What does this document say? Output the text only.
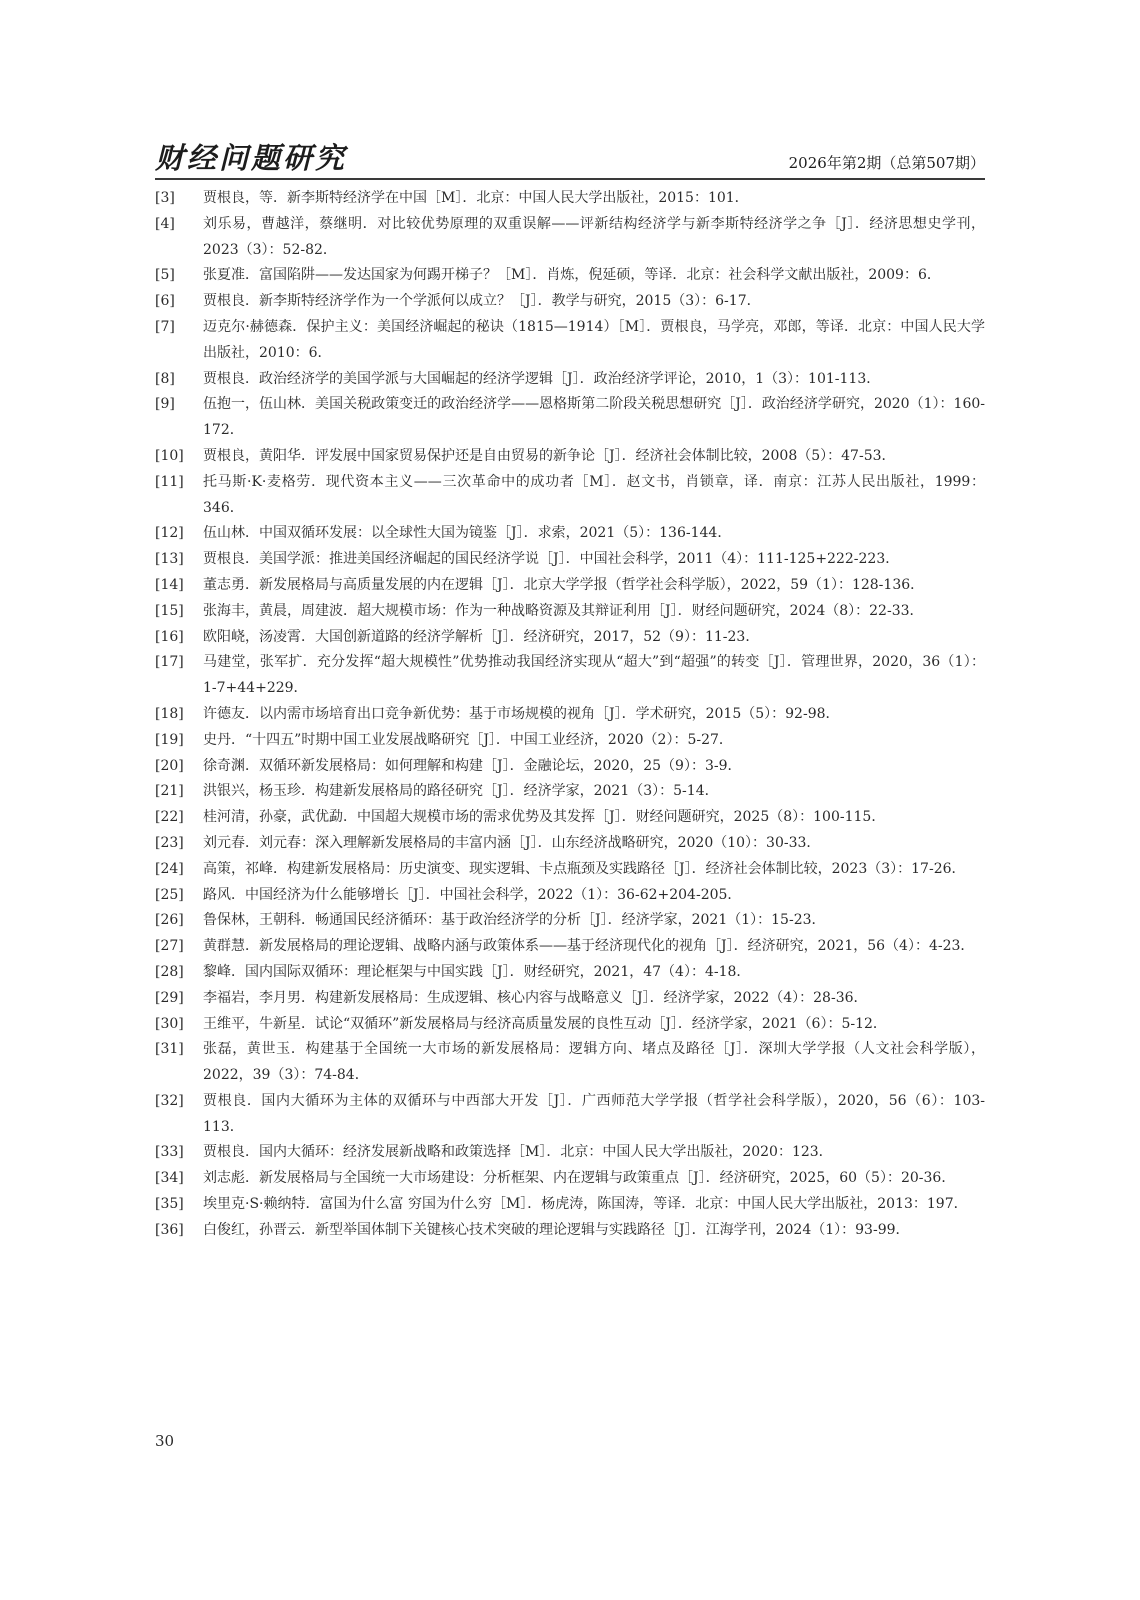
财经问题研究	2026年第2期（总第507期）
[3]	贾根良，等．新李斯特经济学在中国［M］．北京：中国人民大学出版社，2015：101．
[4]	刘乐易，曹越洋，蔡继明．对比较优势原理的双重误解——评新结构经济学与新李斯特经济学之争［J］．经济思想史学刊，2023（3）：52-82．
[5]	张夏准．富国陷阱——发达国家为何踢开梯子？［M］．肖炼，倪延硕，等译．北京：社会科学文献出版社，2009：6．
[6]	贾根良．新李斯特经济学作为一个学派何以成立？［J］．教学与研究，2015（3）：6-17．
[7]	迈克尔·赫德森．保护主义：美国经济崛起的秘诀（1815—1914）［M］．贾根良，马学亮，邓郎，等译．北京：中国人民大学出版社，2010：6．
[8]	贾根良．政治经济学的美国学派与大国崛起的经济学逻辑［J］．政治经济学评论，2010，1（3）：101-113．
[9]	伍抱一，伍山林．美国关税政策变迁的政治经济学——恩格斯第二阶段关税思想研究［J］．政治经济学研究，2020（1）：160-172．
[10]	贾根良，黄阳华．评发展中国家贸易保护还是自由贸易的新争论［J］．经济社会体制比较，2008（5）：47-53．
[11]	托马斯·K·麦格劳．现代资本主义——三次革命中的成功者［M］．赵文书，肖锁章，译．南京：江苏人民出版社，1999：346．
[12]	伍山林．中国双循环发展：以全球性大国为镜鉴［J］．求索，2021（5）：136-144．
[13]	贾根良．美国学派：推进美国经济崛起的国民经济学说［J］．中国社会科学，2011（4）：111-125+222-223．
[14]	董志勇．新发展格局与高质量发展的内在逻辑［J］．北京大学学报（哲学社会科学版），2022，59（1）：128-136．
[15]	张海丰，黄晨，周建波．超大规模市场：作为一种战略资源及其辩证利用［J］．财经问题研究，2024（8）：22-33．
[16]	欧阳峣，汤凌霄．大国创新道路的经济学解析［J］．经济研究，2017，52（9）：11-23．
[17]	马建堂，张军扩．充分发挥“超大规模性”优势推动我国经济实现从“超大”到“超强”的转变［J］．管理世界，2020，36（1）：1-7+44+229．
[18]	许德友．以内需市场培育出口竞争新优势：基于市场规模的视角［J］．学术研究，2015（5）：92-98．
[19]	史丹．“十四五”时期中国工业发展战略研究［J］．中国工业经济，2020（2）：5-27．
[20]	徐奇渊．双循环新发展格局：如何理解和构建［J］．金融论坛，2020，25（9）：3-9．
[21]	洪银兴，杨玉珍．构建新发展格局的路径研究［J］．经济学家，2021（3）：5-14．
[22]	桂河清，孙豪，武优勐．中国超大规模市场的需求优势及其发挥［J］．财经问题研究，2025（8）：100-115．
[23]	刘元春．刘元春：深入理解新发展格局的丰富内涵［J］．山东经济战略研究，2020（10）：30-33．
[24]	高策，祁峰．构建新发展格局：历史演变、现实逻辑、卡点瓶颈及实践路径［J］．经济社会体制比较，2023（3）：17-26．
[25]	路风．中国经济为什么能够增长［J］．中国社会科学，2022（1）：36-62+204-205．
[26]	鲁保林，王朝科．畅通国民经济循环：基于政治经济学的分析［J］．经济学家，2021（1）：15-23．
[27]	黄群慧．新发展格局的理论逻辑、战略内涵与政策体系——基于经济现代化的视角［J］．经济研究，2021，56（4）：4-23．
[28]	黎峰．国内国际双循环：理论框架与中国实践［J］．财经研究，2021，47（4）：4-18．
[29]	李福岩，李月男．构建新发展格局：生成逻辑、核心内容与战略意义［J］．经济学家，2022（4）：28-36．
[30]	王维平，牛新星．试论“双循环”新发展格局与经济高质量发展的良性互动［J］．经济学家，2021（6）：5-12．
[31]	张磊，黄世玉．构建基于全国统一大市场的新发展格局：逻辑方向、堵点及路径［J］．深圳大学学报（人文社会科学版），2022，39（3）：74-84．
[32]	贾根良．国内大循环为主体的双循环与中西部大开发［J］．广西师范大学学报（哲学社会科学版），2020，56（6）：103-113．
[33]	贾根良．国内大循环：经济发展新战略和政策选择［M］．北京：中国人民大学出版社，2020：123．
[34]	刘志彪．新发展格局与全国统一大市场建设：分析框架、内在逻辑与政策重点［J］．经济研究，2025，60（5）：20-36．
[35]	埃里克·S·赖纳特．富国为什么富 穷国为什么穷［M］．杨虎涛，陈国涛，等译．北京：中国人民大学出版社，2013：197．
[36]	白俊红，孙晋云．新型举国体制下关键核心技术突破的理论逻辑与实践路径［J］．江海学刊，2024（1）：93-99．
30
